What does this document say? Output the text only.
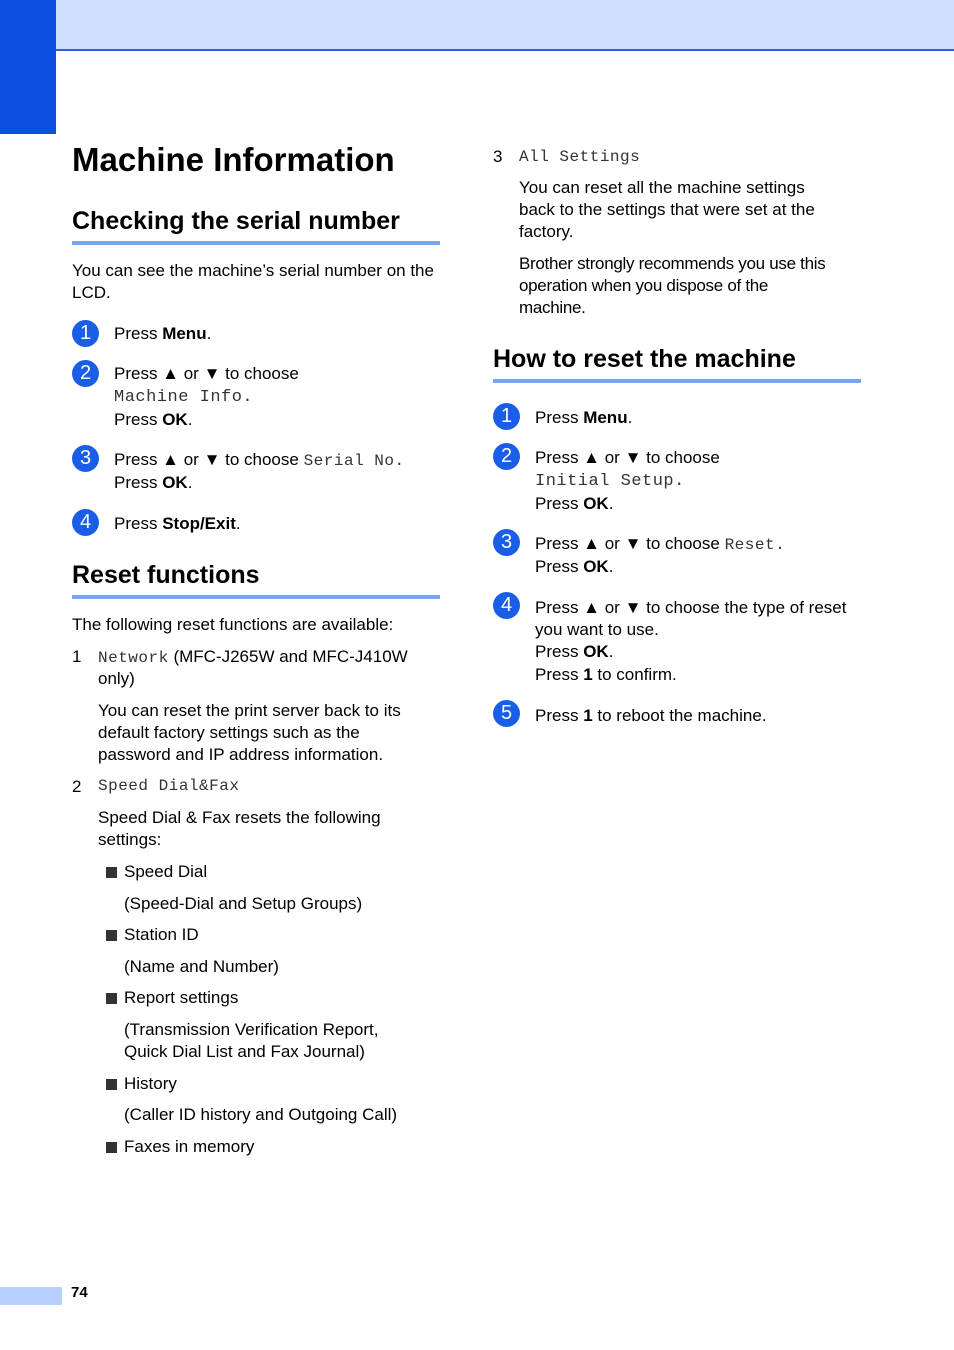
Machine Information
Checking the serial number

You can see the machine’s serial number on the LCD.

1	Press Menu.
2	Press ▲ or ▼ to choose
Machine Info.
Press OK.
3	Press ▲ or ▼ to choose Serial No.
Press OK.
4	Press Stop/Exit.
Reset functions

The following reset functions are available:

1 Network (MFC-J265W and MFC-J410W
only)
You can reset the print server back to its
default factory settings such as the
password and IP address information.
2 Speed Dial&Fax
Speed Dial & Fax resets the following
settings:
Speed Dial
(Speed-Dial and Setup Groups)
Station ID
(Name and Number)
Report settings
(Transmission Verification Report,
Quick Dial List and Fax Journal)
History
(Caller ID history and Outgoing Call)
Faxes in memory
3 All Settings
You can reset all the machine settings
back to the settings that were set at the
factory.
Brother strongly recommends you use this
operation when you dispose of the
machine.
How to reset the machine
1	Press Menu.
2	Press ▲ or ▼ to choose
Initial Setup.
Press OK.
3	Press ▲ or ▼ to choose Reset.
Press OK.
4	Press ▲ or ▼ to choose the type of reset
you want to use.
Press OK.
Press 1 to confirm.
5	Press 1 to reboot the machine.
74
